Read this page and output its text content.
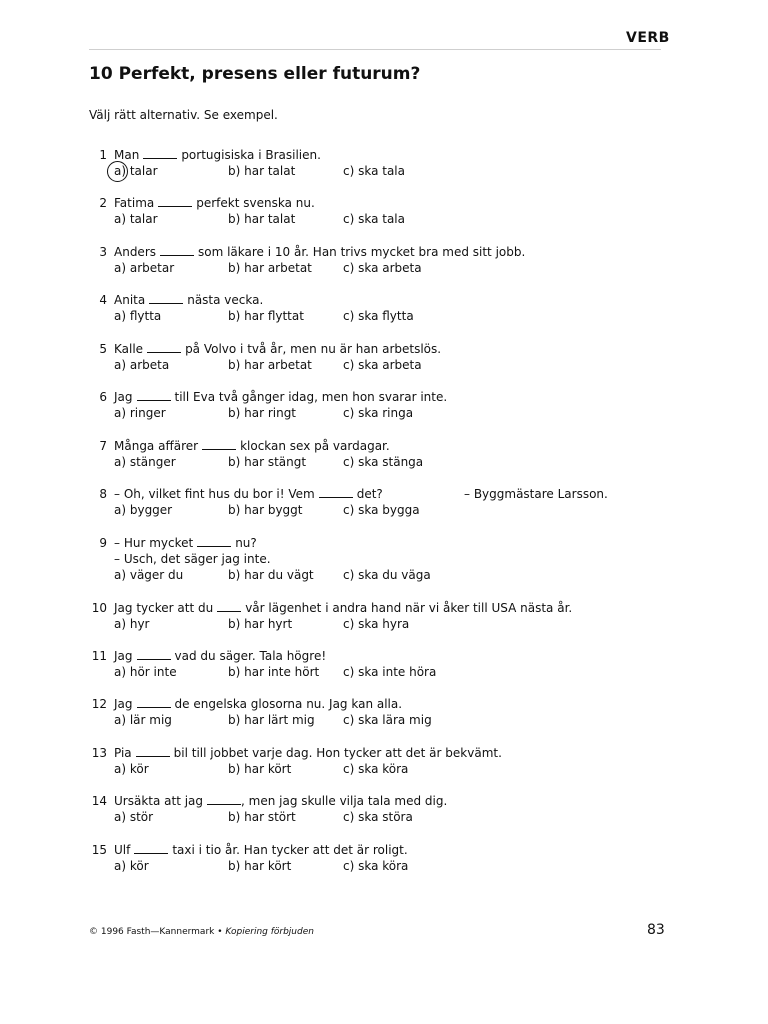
VERB
10 Perfekt, presens eller futurum?
Välj rätt alternativ. Se exempel.
1 Man	portugisiska i Brasilien.
a) talar	b) har talat	c) ska tala
2 Fatima	perfekt svenska nu.
a) talar	b) har talat	c) ska tala
3 Anders	som läkare i 10 år. Han trivs mycket bra med sitt jobb.
a) arbetar	b) har arbetat	c) ska arbeta
4 Anita	nästa vecka.
a) flytta	b) har flyttat	c) ska flytta
5 Kalle	på Volvo i två år, men nu är han arbetslös.
a) arbeta	b) har arbetat	c) ska arbeta
6 Jag	till Eva två gånger idag, men hon svarar inte.
a) ringer	b) har ringt	c) ska ringa
7 Många affärer	klockan sex på vardagar.
a) stänger	b) har stängt	c) ska stänga
8 – Oh, vilket fint hus du bor i! Vem	det?	– Byggmästare Larsson.
a) bygger	b) har byggt	c) ska bygga
9 – Hur mycket	nu?
– Usch, det säger jag inte.
a) väger du	b) har du vägt c) ska du väga
10 Jag tycker att du	vår lägenhet i andra hand när vi åker till USA nästa år.
a) hyr	b) har hyrt	c) ska hyra
11 Jag	vad du säger. Tala högre!
a) hör inte	b) har inte hört c) ska inte höra
12 Jag	de engelska glosorna nu. Jag kan alla.
a) lär mig	b) har lärt mig c) ska lära mig
13 Pia	bil till jobbet varje dag. Hon tycker att det är bekvämt.
a) kör	b) har kört	c) ska köra
14 Ursäkta att jag	, men jag skulle vilja tala med dig.
a) stör	b) har stört	c) ska störa
15 Ulf	taxi i tio år. Han tycker att det är roligt.
a) kör	b) har kört	c) ska köra
© 1996 Fasth—Kannermark • Kopiering förbjuden	83
